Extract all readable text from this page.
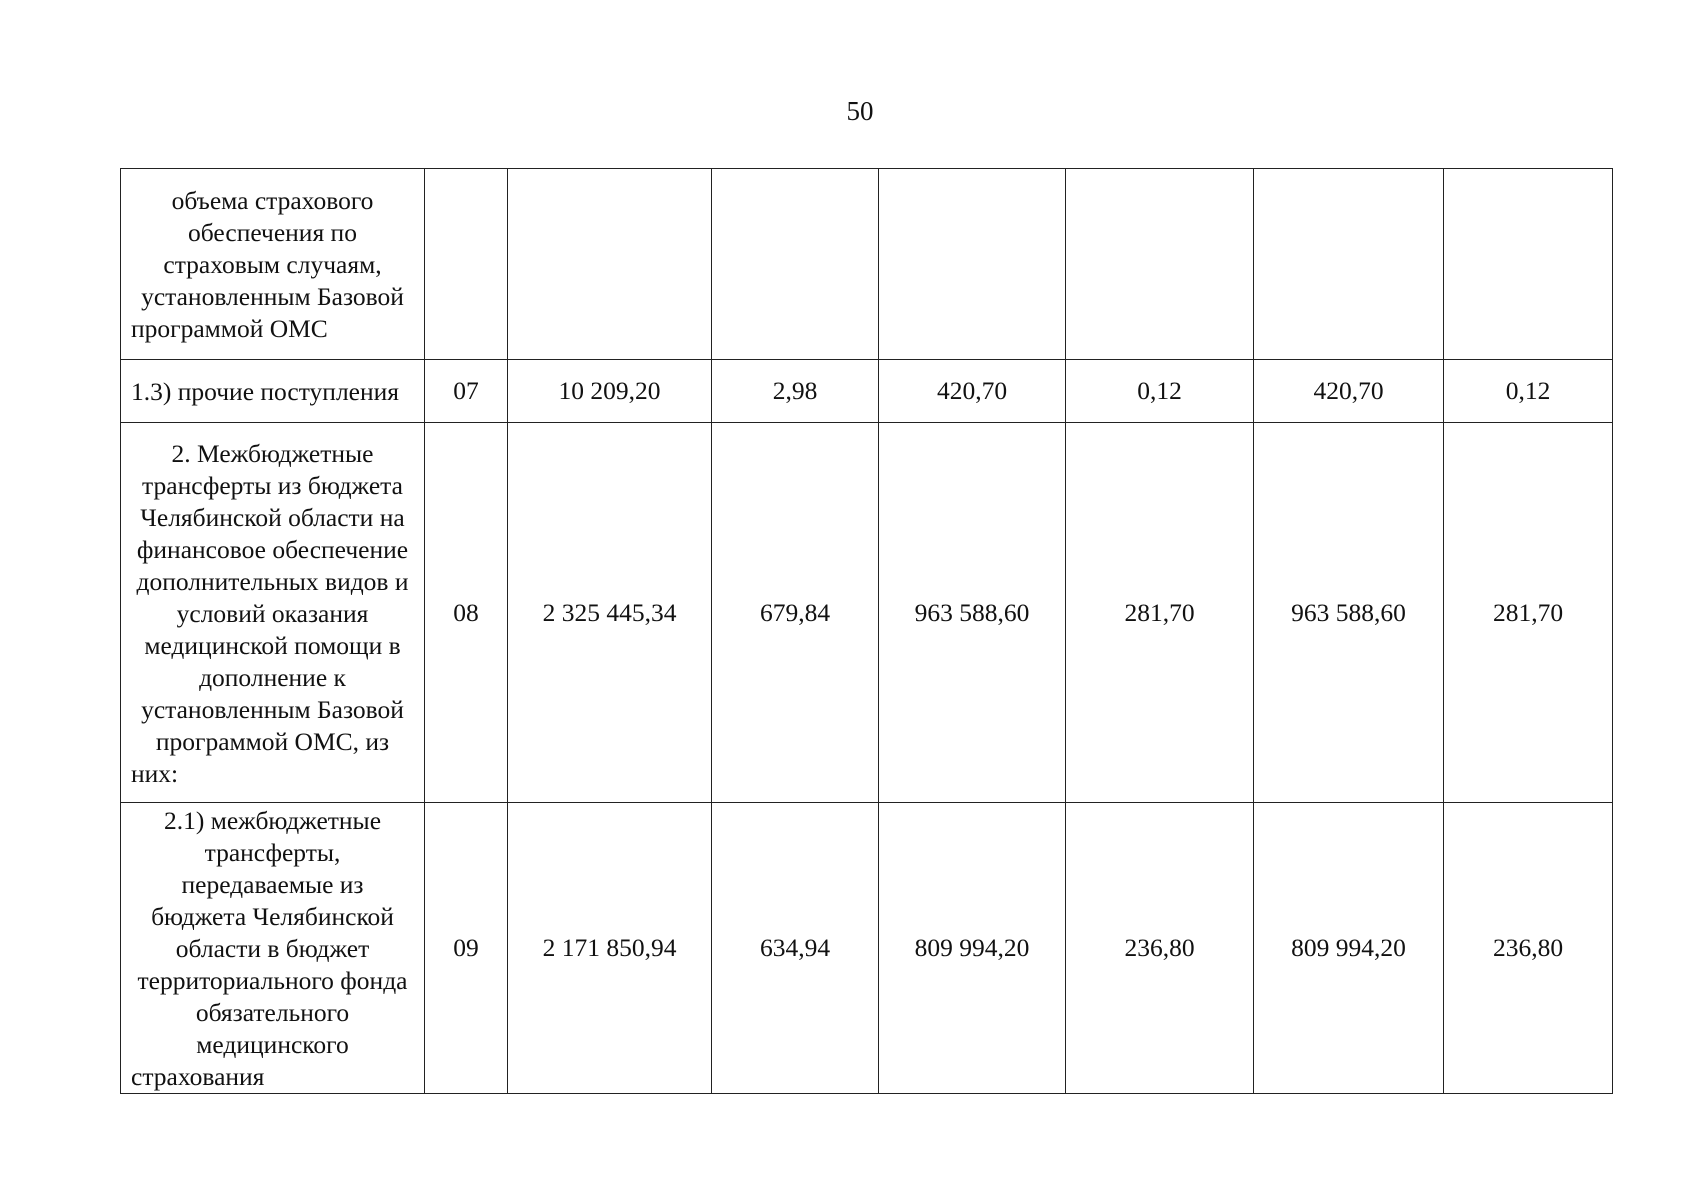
50
объема страхового обеспечения по страховым случаям, установленным Базовой программой ОМС							
1.3) прочие поступления	07	10 209,20	2,98	420,70	0,12	420,70	0,12
2. Межбюджетные трансферты из бюджета Челябинской области на финансовое обеспечение дополнительных видов и условий оказания медицинской помощи в дополнение к установленным Базовой программой ОМС, из них:	08	2 325 445,34	679,84	963 588,60	281,70	963 588,60	281,70
2.1) межбюджетные трансферты, передаваемые из бюджета Челябинской области в бюджет территориального фонда обязательного медицинского страхования	09	2 171 850,94	634,94	809 994,20	236,80	809 994,20	236,80
